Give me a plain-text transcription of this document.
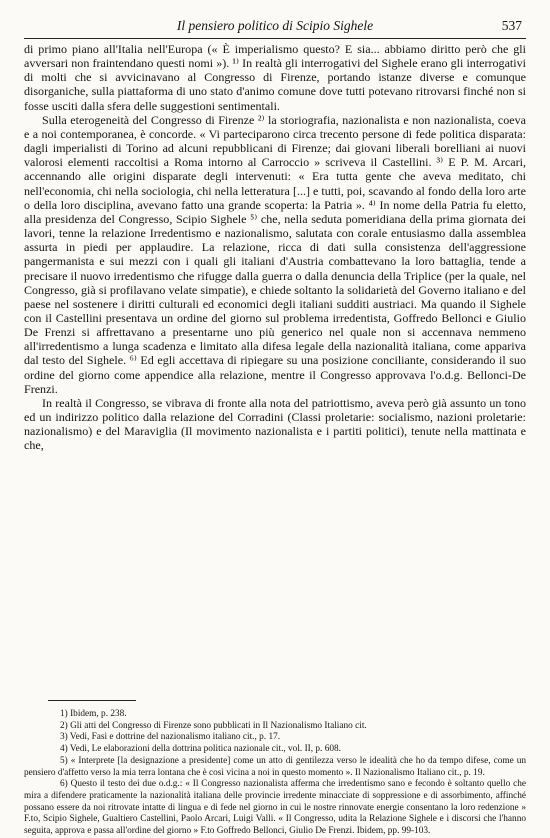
Il pensiero politico di Scipio Sighele	537

di primo piano all'Italia nell'Europa (« È imperialismo questo? E sia... abbiamo diritto però che gli avversari non fraintendano questi nomi »). ¹⁾ In realtà gli interrogativi del Sighele erano gli interrogativi di molti che si avvicinavano al Congresso di Firenze, portando istanze diverse e comunque disorganiche, sulla piattaforma di uno stato d'animo comune dove tutti potevano ritrovarsi finché non si fosse usciti dalla sfera delle suggestioni sentimentali.

Sulla eterogeneità del Congresso di Firenze ²⁾ la storiografia, nazionalista e non nazionalista, coeva e a noi contemporanea, è concorde. « Vi parteciparono circa trecento persone di fede politica disparata: dagli imperialisti di Torino ad alcuni repubblicani di Firenze; dai giovani liberali borelliani ai nuovi valorosi elementi raccoltisi a Roma intorno al Carroccio » scriveva il Castellini. ³⁾ E P. M. Arcari, accennando alle origini disparate degli intervenuti: « Era tutta gente che aveva meditato, chi nell'economia, chi nella sociologia, chi nella letteratura [...] e tutti, poi, scavando al fondo della loro arte o della loro disciplina, avevano fatto una grande scoperta: la Patria ». ⁴⁾ In nome della Patria fu eletto, alla presidenza del Congresso, Scipio Sighele ⁵⁾ che, nella seduta pomeridiana della prima giornata dei lavori, tenne la relazione Irredentismo e nazionalismo, salutata con corale entusiasmo dalla assemblea assurta in piedi per applaudire. La relazione, ricca di dati sulla consistenza dell'aggressione pangermanista e sui mezzi con i quali gli italiani d'Austria combattevano la loro battaglia, tende a precisare il nuovo irredentismo che rifugge dalla guerra o dalla denuncia della Triplice (per la quale, nel Congresso, già si profilavano velate simpatie), e chiede soltanto la solidarietà del Governo italiano e del paese nel sostenere i diritti culturali ed economici degli italiani sudditi austriaci. Ma quando il Sighele con il Castellini presentava un ordine del giorno sul problema irredentista, Goffredo Bellonci e Giulio De Frenzi si affrettavano a presentarne uno più generico nel quale non si accennava nemmeno all'irredentismo a lunga scadenza e limitato alla difesa legale della nazionalità italiana, come appariva dal testo del Sighele. ⁶⁾ Ed egli accettava di ripiegare su una posizione conciliante, considerando il suo ordine del giorno come appendice alla relazione, mentre il Congresso approvava l'o.d.g. Bellonci-De Frenzi.

In realtà il Congresso, se vibrava di fronte alla nota del patriottismo, aveva però già assunto un tono ed un indirizzo politico dalla relazione del Corradini (Classi proletarie: socialismo, nazioni proletarie: nazionalismo) e del Maraviglia (Il movimento nazionalista e i partiti politici), tenute nella mattinata e che,

1) Ibidem, p. 238.

2) Gli atti del Congresso di Firenze sono pubblicati in Il Nazionalismo Italiano cit.

3) Vedi, Fasi e dottrine del nazionalismo italiano cit., p. 17.

4) Vedi, Le elaborazioni della dottrina politica nazionale cit., vol. II, p. 608.

5) « Interprete [la designazione a presidente] come un atto di gentilezza verso le idealità che ho da tempo difese, come un pensiero d'affetto verso la mia terra lontana che è così vicina a noi in questo momento ». Il Nazionalismo Italiano cit., p. 19.

6) Questo il testo dei due o.d.g.: « Il Congresso nazionalista afferma che irredentismo sano e fecondo è soltanto quello che mira a difendere praticamente la nazionalità italiana delle provincie irredente minacciate di soppressione e di assorbimento, affinché possano essere da noi ritrovate intatte di lingua e di fede nel giorno in cui le nostre rinnovate energie consentano la loro redenzione » F.to, Scipio Sighele, Gualtiero Castellini, Paolo Arcari, Luigi Valli. « Il Congresso, udita la Relazione Sighele e i discorsi che l'hanno seguita, approva e passa all'ordine del giorno » F.to Goffredo Bellonci, Giulio De Frenzi. Ibidem, pp. 99-103.
